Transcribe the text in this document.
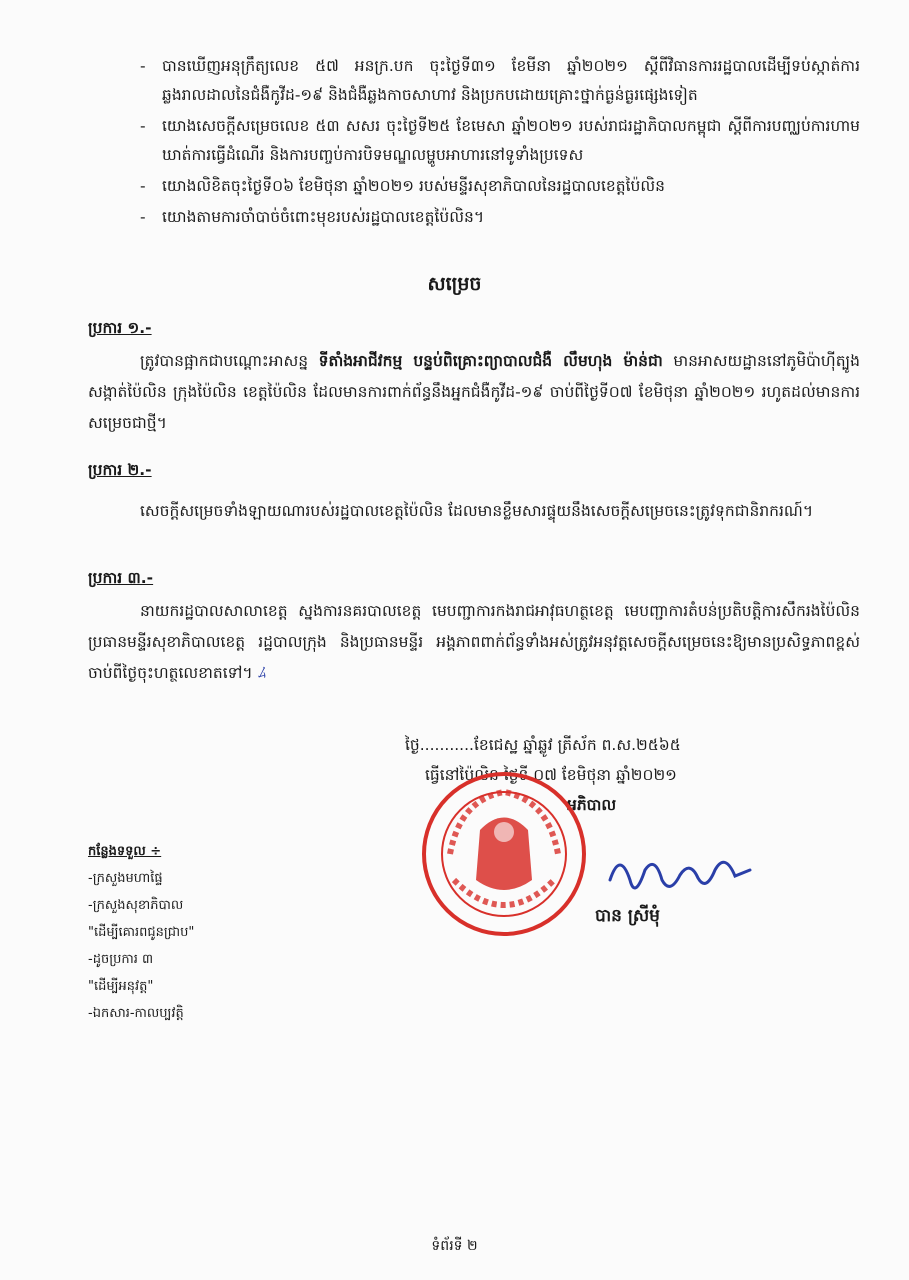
-	បានឃើញអនុក្រឹត្យលេខ ៥៧ អនក្រ.បក ចុះថ្ងៃទី៣១ ខែមីនា ឆ្នាំ២០២១ ស្ដីពីវិធានការរដ្ឋបាលដើម្បីទប់ស្កាត់ការឆ្លងរាលដាលនៃជំងឺកូវីដ-១៩ និងជំងឺឆ្លងកាចសាហាវ និងប្រកបដោយគ្រោះថ្នាក់ធ្ងន់ធ្ងរផ្សេងទៀត
-	យោងសេចក្តីសម្រេចលេខ ៥៣ សសរ ចុះថ្ងៃទី២៥ ខែមេសា ឆ្នាំ២០២១ របស់រាជរដ្ឋាភិបាលកម្ពុជា ស្តីពីការបញ្ឈប់ការហាមឃាត់ការធ្វើដំណើរ និងការបញ្ចប់ការបិទមណ្ឌលម្ហូបអាហារនៅទូទាំងប្រទេស
-	យោងលិខិតចុះថ្ងៃទី០៦ ខែមិថុនា ឆ្នាំ២០២១ របស់មន្ទីរសុខាភិបាលនៃរដ្ឋបាលខេត្តប៉ៃលិន
-	យោងតាមការចាំបាច់ចំពោះមុខរបស់រដ្ឋបាលខេត្តប៉ៃលិន។
សម្រេច
ប្រការ ១.-
ត្រូវបានផ្អាកជាបណ្ដោះអាសន្ន ទីតាំងអាជីវកម្ម បន្ទប់ពិគ្រោះព្យាបាលជំងឺ លឹមហុង ម៉ាន់ជា មានអាសយដ្ឋាននៅភូមិប៉ាហ៊ីត្បូង សង្កាត់ប៉ៃលិន ក្រុងប៉ៃលិន ខេត្តប៉ៃលិន ដែលមានការពាក់ព័ន្ធនឹងអ្នកជំងឺកូវីដ-១៩ ចាប់ពីថ្ងៃទី០៧ ខែមិថុនា ឆ្នាំ២០២១ រហូតដល់មានការសម្រេចជាថ្មី។
ប្រការ ២.-
សេចក្តីសម្រេចទាំងឡាយណារបស់រដ្ឋបាលខេត្តប៉ៃលិន ដែលមានខ្លឹមសារផ្ទុយនឹងសេចក្តីសម្រេចនេះត្រូវទុកជានិរាករណ៍។
ប្រការ ៣.-
នាយករដ្ឋបាលសាលាខេត្ត ស្នងការនគរបាលខេត្ត មេបញ្ជាការកងរាជអាវុធហត្ថខេត្ត មេបញ្ជាការតំបន់ប្រតិបត្តិការសឹករងប៉ៃលិន ប្រធានមន្ទីរសុខាភិបាលខេត្ត រដ្ឋបាលក្រុង និងប្រធានមន្ទីរ អង្គភាពពាក់ព័ន្ធទាំងអស់ត្រូវអនុវត្តសេចក្តីសម្រេចនេះឱ្យមានប្រសិទ្ធភាពខ្ពស់ ចាប់ពីថ្ងៃចុះហត្ថលេខាតទៅ។ ﾑ
ថ្ងៃ...........ខែជេស្ឋ ឆ្នាំឆ្លូវ ត្រីស័ក ព.ស.២៥៦៥
ធ្វើនៅប៉ៃលិន ថ្ងៃទី ០៧ ខែមិថុនា ឆ្នាំ២០២១
អភិបាល
បាន ស្រីមុំ
កន្លែងទទួល ÷
-ក្រសួងមហាផ្ទៃ
-ក្រសួងសុខាភិបាល
"ដើម្បីគោរពជូនជ្រាប"
-ដូចប្រការ ៣
"ដើម្បីអនុវត្ត"
-ឯកសារ-កាលប្បវត្តិ
ទំព័រទី ២
